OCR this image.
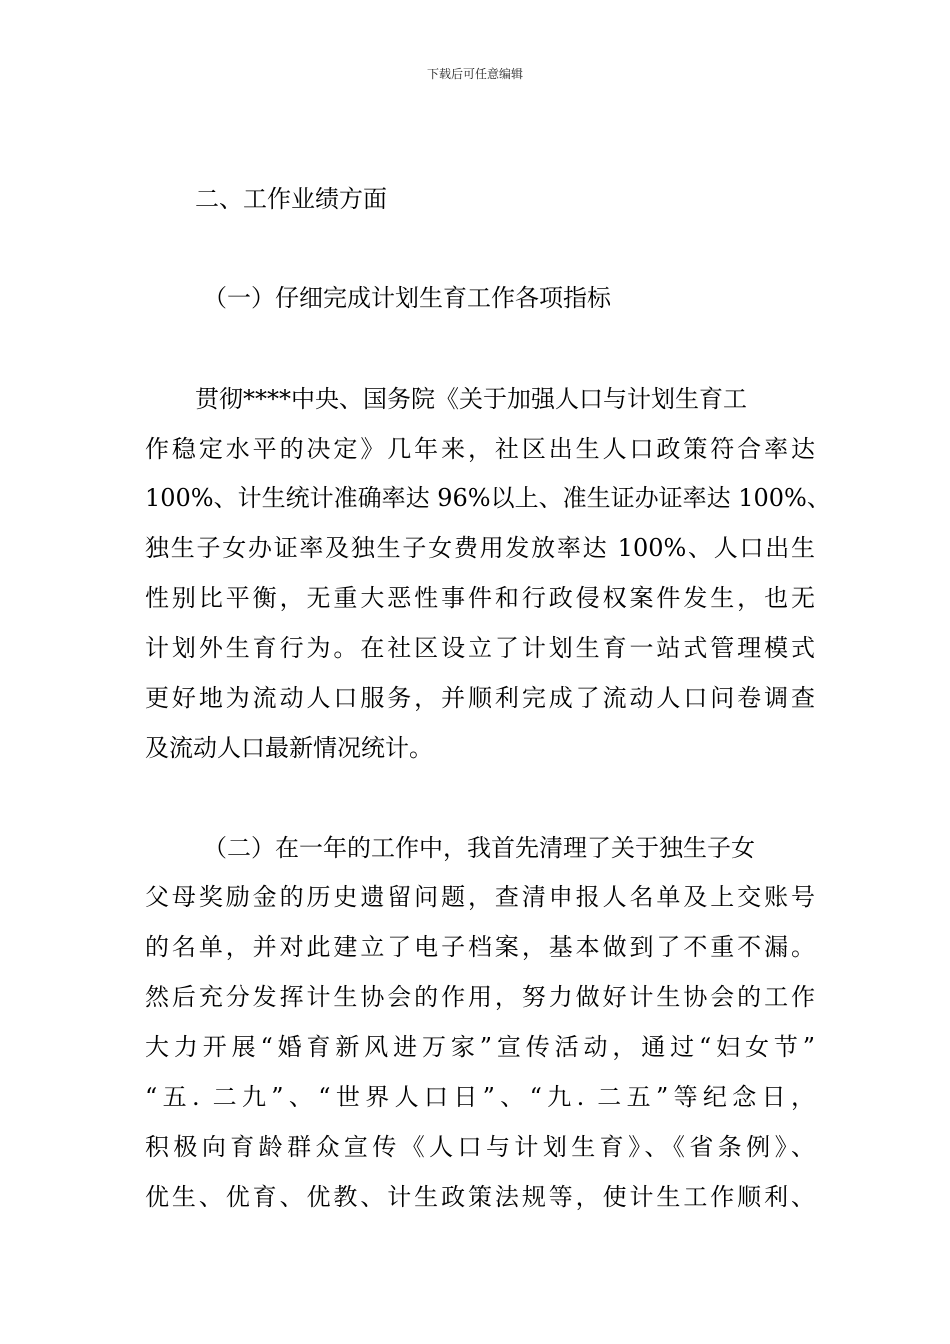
下载后可任意编辑
二、工作业绩方面
（一）仔细完成计划生育工作各项指标
贯彻****中央、国务院《关于加强人口与计划生育工
作稳定水平的决定》几年来，社区出生人口政策符合率达
100%、计生统计准确率达 96%以上、准生证办证率达 100%、
独生子女办证率及独生子女费用发放率达 100%、人口出生
性别比平衡，无重大恶性事件和行政侵权案件发生，也无
计划外生育行为。在社区设立了计划生育一站式管理模式
更好地为流动人口服务，并顺利完成了流动人口问卷调查
及流动人口最新情况统计。
（二）在一年的工作中，我首先清理了关于独生子女
父母奖励金的历史遗留问题，查清申报人名单及上交账号
的名单，并对此建立了电子档案，基本做到了不重不漏。
然后充分发挥计生协会的作用，努力做好计生协会的工作
大力开展“婚育新风进万家”宣传活动，通过“妇女节”
“五. 二九”、“世界人口日”、“九. 二五”等纪念日，
积极向育龄群众宣传《人口与计划生育》、《省条例》、
优生、优育、优教、计生政策法规等，使计生工作顺利、
